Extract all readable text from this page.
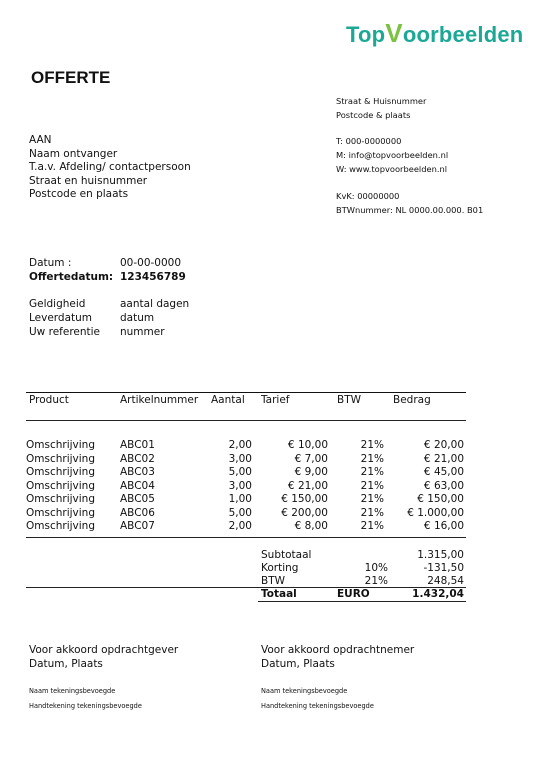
TopVoorbeelden
OFFERTE
Straat & Huisnummer
Postcode & plaats
T: 000-0000000
M: info@topvoorbeelden.nl
W: www.topvoorbeelden.nl
KvK: 00000000
BTWnummer: NL 0000.00.000. B01
AAN
Naam ontvanger
T.a.v. Afdeling/ contactpersoon
Straat en huisnummer
Postcode en plaats
Datum :	00-00-0000
Offertedatum: 123456789
Geldigheid	aantal dagen
Leverdatum	datum
Uw referentie nummer
Product	Artikelnummer Aantal Tarief	BTW	Bedrag
Omschrijving	ABC01	2,00	€ 10,00	21%	€ 20,00
Omschrijving	ABC02	3,00	€ 7,00	21%	€ 21,00
Omschrijving	ABC03	5,00	€ 9,00	21%	€ 45,00
Omschrijving	ABC04	3,00	€ 21,00	21%	€ 63,00
Omschrijving	ABC05	1,00	€ 150,00	21%	€ 150,00
Omschrijving	ABC06	5,00	€ 200,00	21%	€ 1.000,00
Omschrijving	ABC07	2,00	€ 8,00	21%	€ 16,00
Subtotaal	1.315,00
Korting	10%	-131,50
BTW	21%	248,54
Totaal	EURO	1.432,04
Voor akkoord opdrachtgever
Datum, Plaats
Voor akkoord opdrachtnemer
Datum, Plaats
Naam tekeningsbevoegde
Handtekening tekeningsbevoegde
Naam tekeningsbevoegde
Handtekening tekeningsbevoegde
